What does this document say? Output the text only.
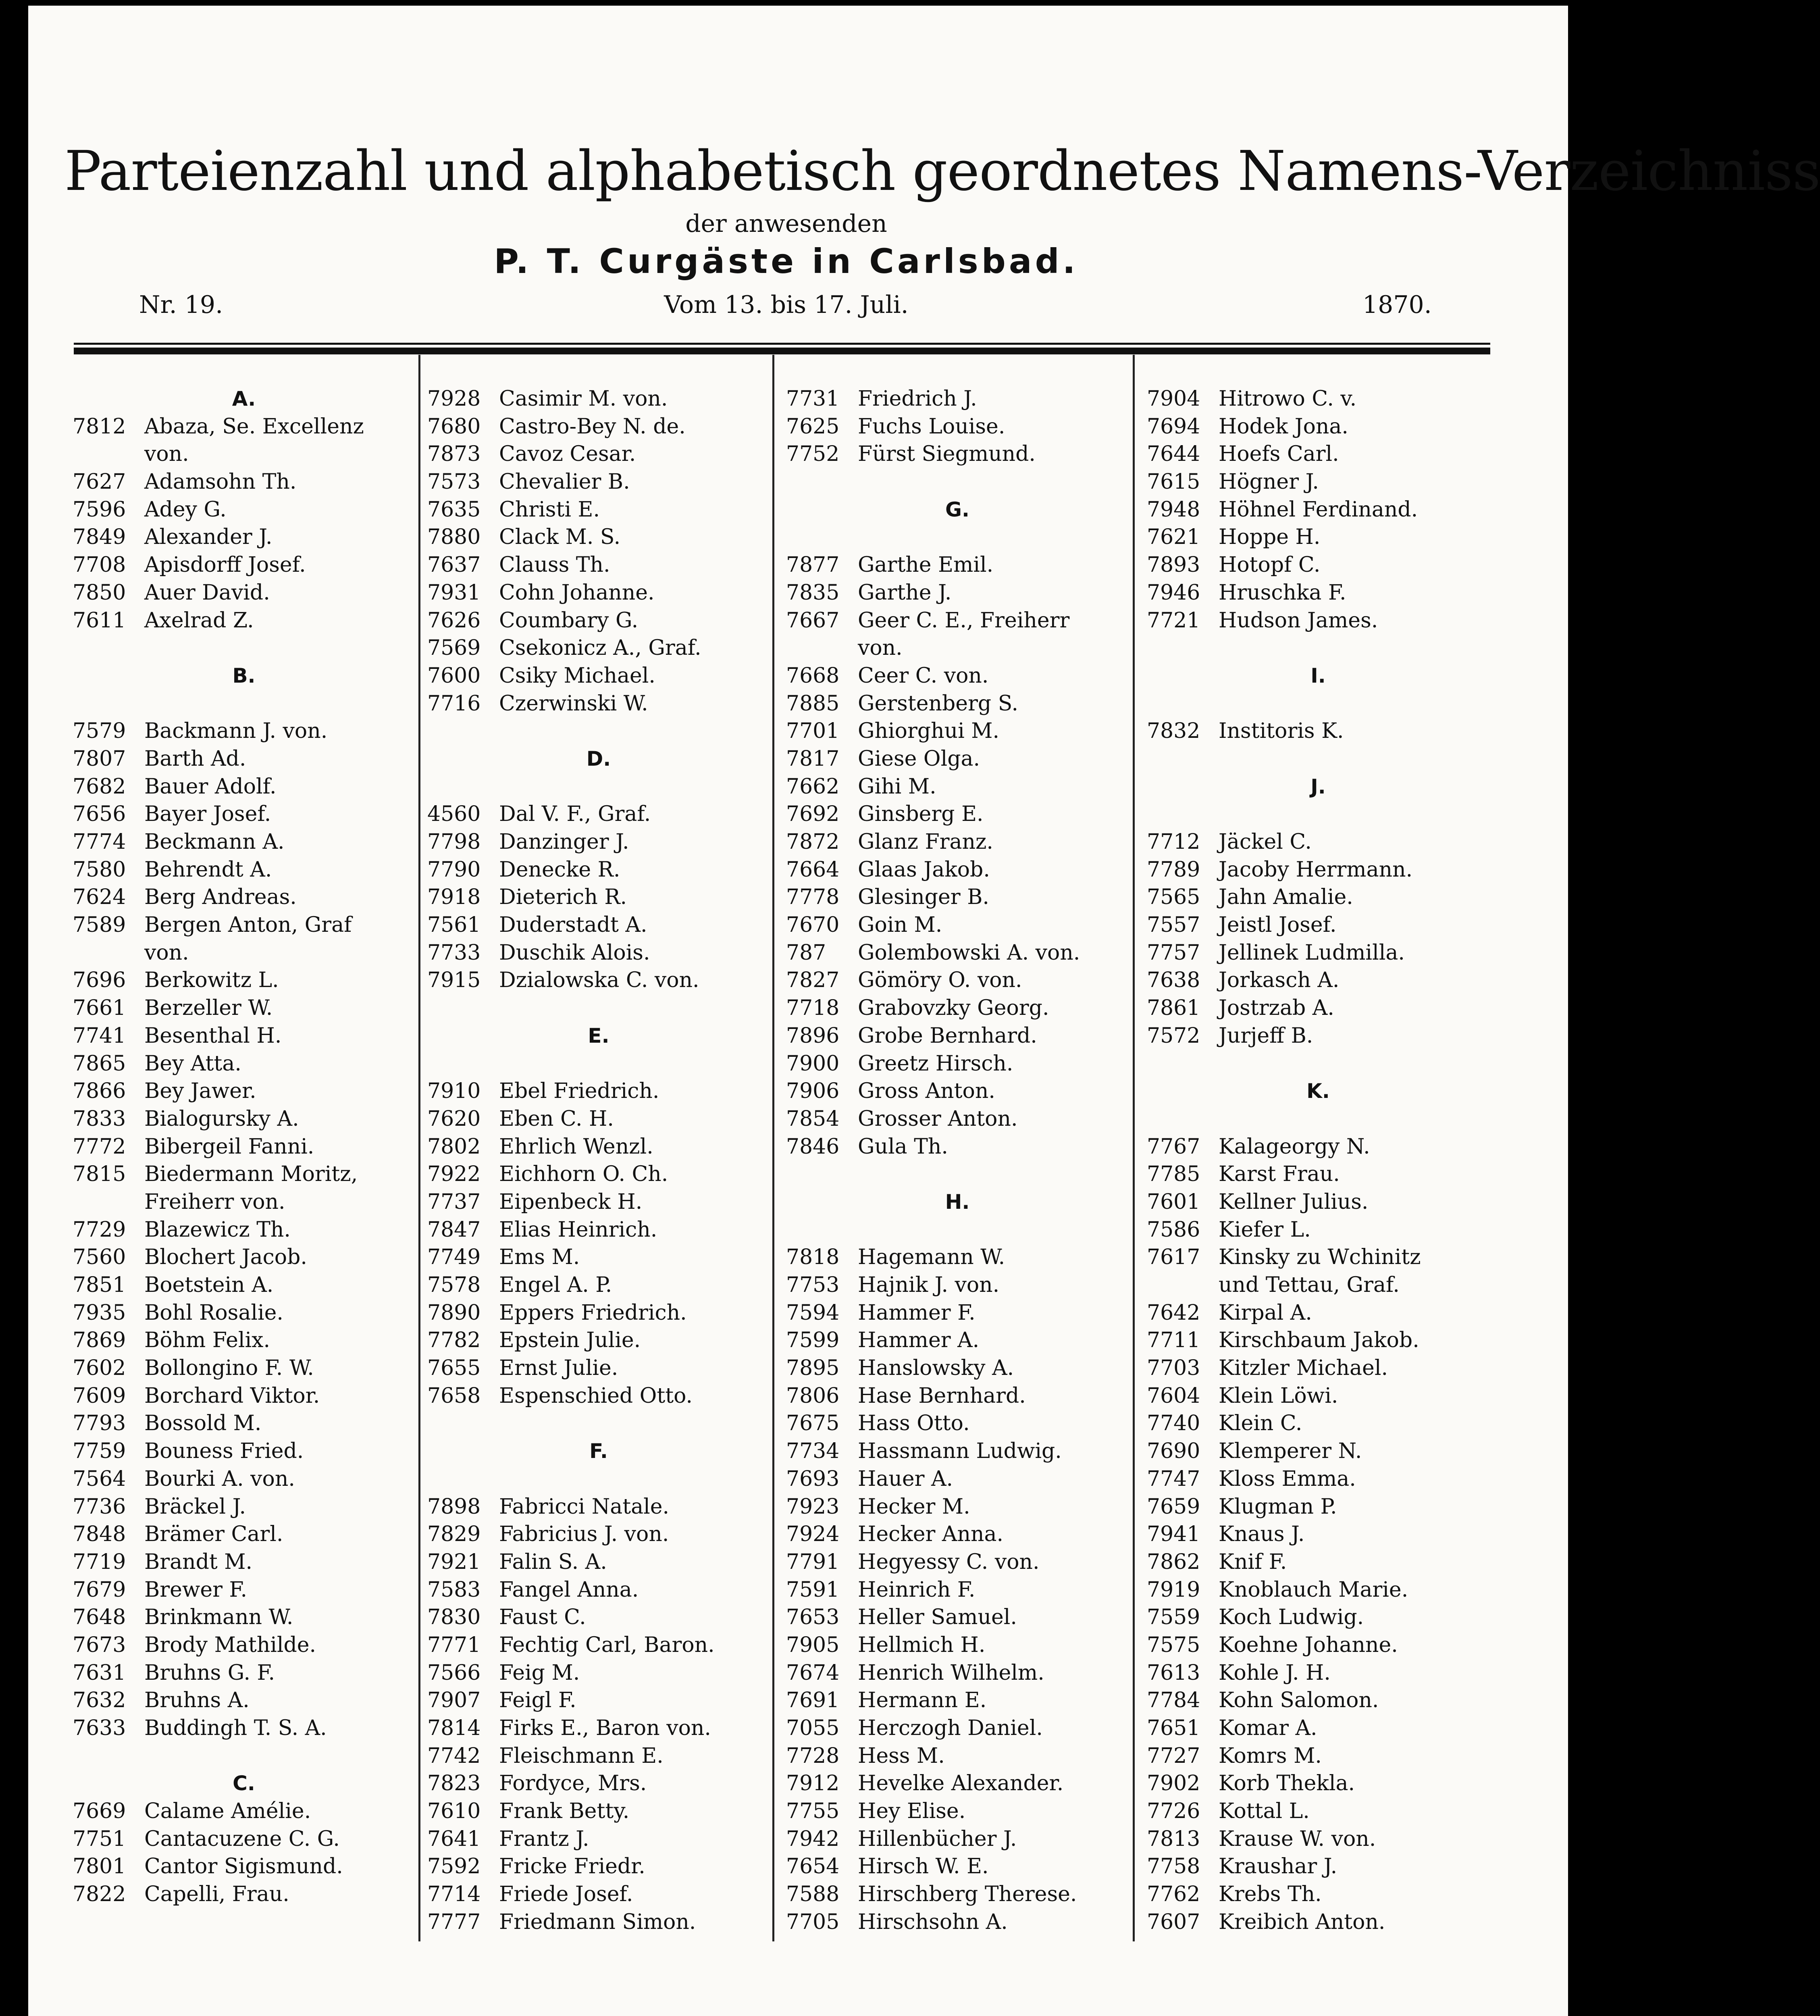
Parteienzahl und alphabetisch geordnetes Namens-Verzeichniss
der anwesenden
P. T. Curgäste in Carlsbad.
Nr. 19.	Vom 13. bis 17. Juli.	1870.
A.
7812 Abaza, Se. Excellenz
von.
7627 Adamsohn Th.
7596 Adey G.
7849 Alexander J.
7708 Apisdorff Josef.
7850 Auer David.
7611 Axelrad Z.
B.
7579 Backmann J. von.
7807 Barth Ad.
7682 Bauer Adolf.
7656 Bayer Josef.
7774 Beckmann A.
7580 Behrendt A.
7624 Berg Andreas.
7589 Bergen Anton, Graf
von.
7696 Berkowitz L.
7661 Berzeller W.
7741 Besenthal H.
7865 Bey Atta.
7866 Bey Jawer.
7833 Bialogursky A.
7772 Bibergeil Fanni.
7815 Biedermann Moritz,
Freiherr von.
7729 Blazewicz Th.
7560 Blochert Jacob.
7851 Boetstein A.
7935 Bohl Rosalie.
7869 Böhm Felix.
7602 Bollongino F. W.
7609 Borchard Viktor.
7793 Bossold M.
7759 Bouness Fried.
7564 Bourki A. von.
7736 Bräckel J.
7848 Brämer Carl.
7719 Brandt M.
7679 Brewer F.
7648 Brinkmann W.
7673 Brody Mathilde.
7631 Bruhns G. F.
7632 Bruhns A.
7633 Buddingh T. S. A.
C.
7669 Calame Amélie.
7751 Cantacuzene C. G.
7801 Cantor Sigismund.
7822 Capelli, Frau.
7928 Casimir M. von.
7680 Castro-Bey N. de.
7873 Cavoz Cesar.
7573 Chevalier B.
7635 Christi E.
7880 Clack M. S.
7637 Clauss Th.
7931 Cohn Johanne.
7626 Coumbary G.
7569 Csekonicz A., Graf.
7600 Csiky Michael.
7716 Czerwinski W.
D.
4560 Dal V. F., Graf.
7798 Danzinger J.
7790 Denecke R.
7918 Dieterich R.
7561 Duderstadt A.
7733 Duschik Alois.
7915 Dzialowska C. von.
E.
7910 Ebel Friedrich.
7620 Eben C. H.
7802 Ehrlich Wenzl.
7922 Eichhorn O. Ch.
7737 Eipenbeck H.
7847 Elias Heinrich.
7749 Ems M.
7578 Engel A. P.
7890 Eppers Friedrich.
7782 Epstein Julie.
7655 Ernst Julie.
7658 Espenschied Otto.
F.
7898 Fabricci Natale.
7829 Fabricius J. von.
7921 Falin S. A.
7583 Fangel Anna.
7830 Faust C.
7771 Fechtig Carl, Baron.
7566 Feig M.
7907 Feigl F.
7814 Firks E., Baron von.
7742 Fleischmann E.
7823 Fordyce, Mrs.
7610 Frank Betty.
7641 Frantz J.
7592 Fricke Friedr.
7714 Friede Josef.
7777 Friedmann Simon.
7731 Friedrich J.
7625 Fuchs Louise.
7752 Fürst Siegmund.
G.
7877 Garthe Emil.
7835 Garthe J.
7667 Geer C. E., Freiherr
von.
7668 Ceer C. von.
7885 Gerstenberg S.
7701 Ghiorghui M.
7817 Giese Olga.
7662 Gihi M.
7692 Ginsberg E.
7872 Glanz Franz.
7664 Glaas Jakob.
7778 Glesinger B.
7670 Goin M.
787	Golembowski A. von.
7827 Gömöry O. von.
7718 Grabovzky Georg.
7896 Grobe Bernhard.
7900 Greetz Hirsch.
7906 Gross Anton.
7854 Grosser Anton.
7846 Gula Th.
H.
7818 Hagemann W.
7753 Hajnik J. von.
7594 Hammer F.
7599 Hammer A.
7895 Hanslowsky A.
7806 Hase Bernhard.
7675 Hass Otto.
7734 Hassmann Ludwig.
7693 Hauer A.
7923 Hecker M.
7924 Hecker Anna.
7791 Hegyessy C. von.
7591 Heinrich F.
7653 Heller Samuel.
7905 Hellmich H.
7674 Henrich Wilhelm.
7691 Hermann E.
7055 Herczogh Daniel.
7728 Hess M.
7912 Hevelke Alexander.
7755 Hey Elise.
7942 Hillenbücher J.
7654 Hirsch W. E.
7588 Hirschberg Therese.
7705 Hirschsohn A.
7904 Hitrowo C. v.
7694 Hodek Jona.
7644 Hoefs Carl.
7615 Högner J.
7948 Höhnel Ferdinand.
7621 Hoppe H.
7893 Hotopf C.
7946 Hruschka F.
7721 Hudson James.
I.
7832 Institoris K.
J.
7712 Jäckel C.
7789 Jacoby Herrmann.
7565 Jahn Amalie.
7557 Jeistl Josef.
7757 Jellinek Ludmilla.
7638 Jorkasch A.
7861 Jostrzab A.
7572 Jurjeff B.
K.
7767 Kalageorgy N.
7785 Karst Frau.
7601 Kellner Julius.
7586 Kiefer L.
7617 Kinsky zu Wchinitz
und Tettau, Graf.
7642 Kirpal A.
7711 Kirschbaum Jakob.
7703 Kitzler Michael.
7604 Klein Löwi.
7740 Klein C.
7690 Klemperer N.
7747 Kloss Emma.
7659 Klugman P.
7941 Knaus J.
7862 Knif F.
7919 Knoblauch Marie.
7559 Koch Ludwig.
7575 Koehne Johanne.
7613 Kohle J. H.
7784 Kohn Salomon.
7651 Komar A.
7727 Komrs M.
7902 Korb Thekla.
7726 Kottal L.
7813 Krause W. von.
7758 Kraushar J.
7762 Krebs Th.
7607 Kreibich Anton.
